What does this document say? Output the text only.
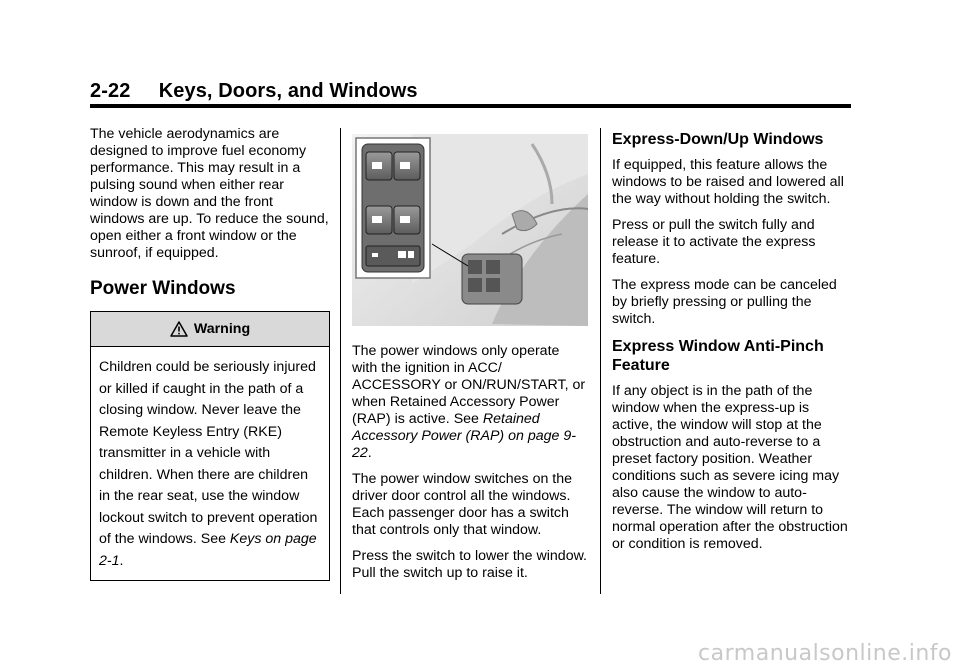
2-22     Keys, Doors, and Windows

The vehicle aerodynamics are designed to improve fuel economy performance. This may result in a pulsing sound when either rear window is down and the front windows are up. To reduce the sound, open either a front window or the sunroof, if equipped.

Power Windows
Warning
Children could be seriously injured or killed if caught in the path of a closing window. Never leave the Remote Keyless Entry (RKE) transmitter in a vehicle with children. When there are children in the rear seat, use the window lockout switch to prevent operation of the windows. See Keys on page 2-1.

The power windows only operate with the ignition in ACC/ ACCESSORY or ON/RUN/START, or when Retained Accessory Power (RAP) is active. See Retained Accessory Power (RAP) on page 9-22.

The power window switches on the driver door control all the windows. Each passenger door has a switch that controls only that window.

Press the switch to lower the window. Pull the switch up to raise it.

Express-Down/Up Windows

If equipped, this feature allows the windows to be raised and lowered all the way without holding the switch.

Press or pull the switch fully and release it to activate the express feature.

The express mode can be canceled by briefly pressing or pulling the switch.

Express Window Anti-Pinch Feature

If any object is in the path of the window when the express-up is active, the window will stop at the obstruction and auto-reverse to a preset factory position. Weather conditions such as severe icing may also cause the window to auto-reverse. The window will return to normal operation after the obstruction or condition is removed.

carmanualsonline.info
